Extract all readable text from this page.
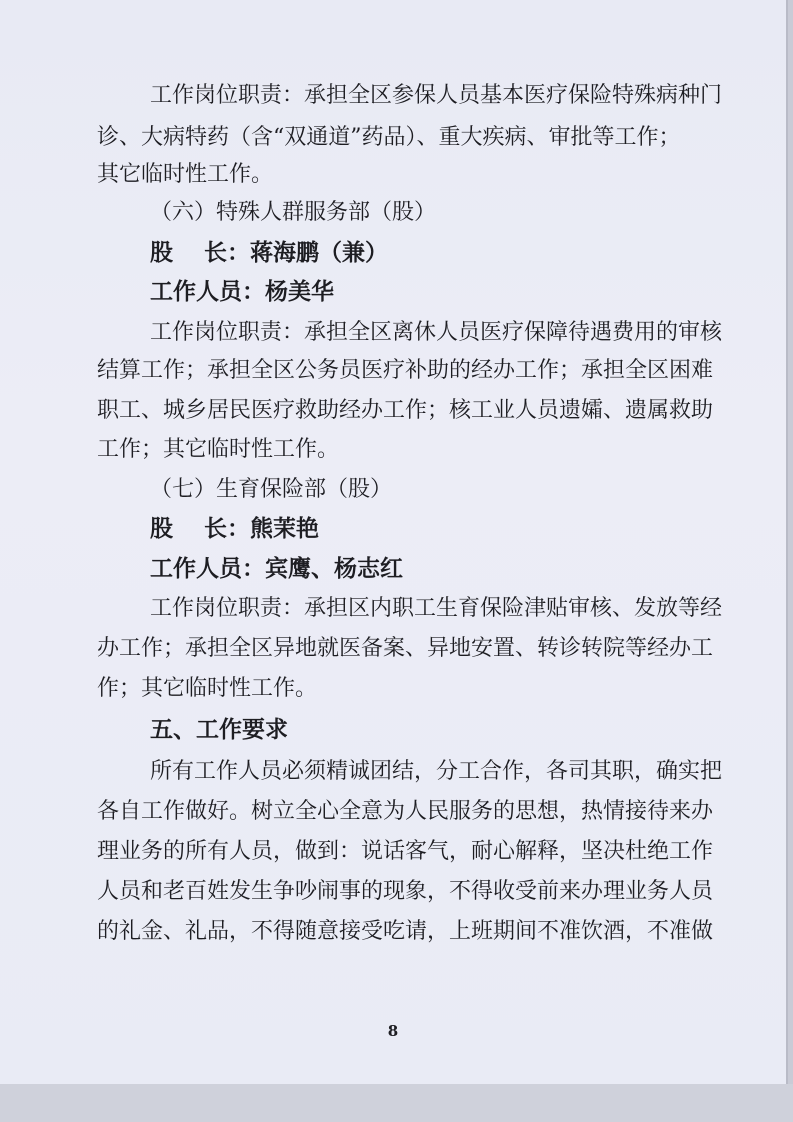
工作岗位职责：承担全区参保人员基本医疗保险特殊病种门
诊、大病特药（含“双通道”药品）、重大疾病、审批等工作；
其它临时性工作。
（六）特殊人群服务部（股）
股　 长：蒋海鹏（兼）
工作人员：杨美华
工作岗位职责：承担全区离休人员医疗保障待遇费用的审核
结算工作；承担全区公务员医疗补助的经办工作；承担全区困难
职工、城乡居民医疗救助经办工作；核工业人员遗孀、遗属救助
工作；其它临时性工作。
（七）生育保险部（股）
股　 长：熊茉艳
工作人员：宾鹰、杨志红
工作岗位职责：承担区内职工生育保险津贴审核、发放等经
办工作；承担全区异地就医备案、异地安置、转诊转院等经办工
作；其它临时性工作。
五、工作要求
所有工作人员必须精诚团结，分工合作，各司其职，确实把
各自工作做好。树立全心全意为人民服务的思想，热情接待来办
理业务的所有人员，做到：说话客气，耐心解释，坚决杜绝工作
人员和老百姓发生争吵闹事的现象，不得收受前来办理业务人员
的礼金、礼品，不得随意接受吃请，上班期间不准饮酒，不准做
8
